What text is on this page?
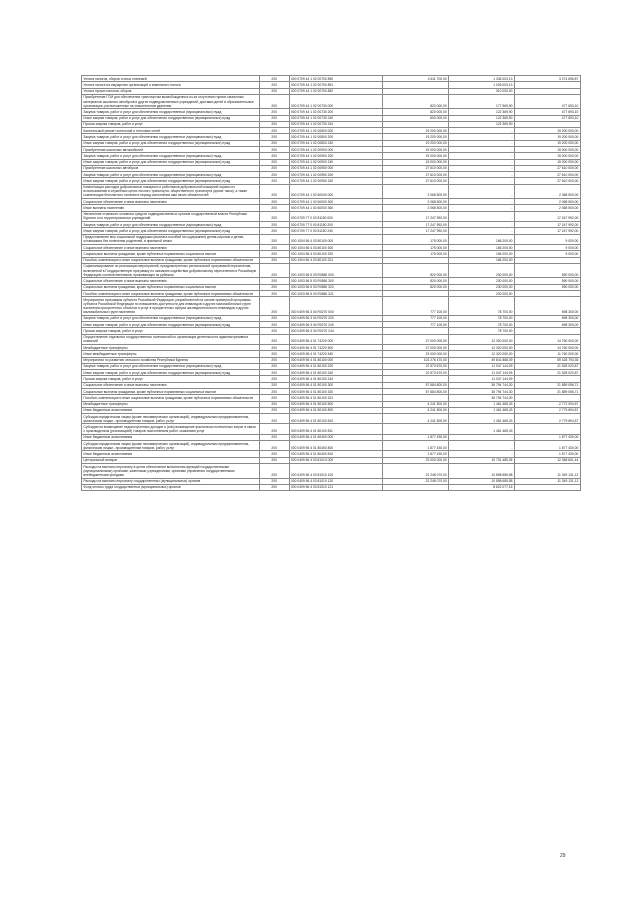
Уплата налогов, сборов и иных платежей	200	000 0709 44 1 02 00700 850	4 611 700,00	1 336 003,13	3 274 696,87
Уплата налога на имущество организаций и земельного налога	200	000 0709 44 1 02 00700 851		1 026 003,13	
Уплата прочих налогов, сборов	200	000 0709 44 1 02 00700 852		310 000,00	
Приобретение ГСМ для обеспечения транспортом высвобожденных из-за отсутствия горюче-смазочных материалов школьных автобусов и других подведомственных учреждений; доставки детей в образовательные организации, расположенные на значительном удалении	200	000 0709 44 1 02 00730 000	820 000,00	177 969,90	477 693,10
Закупка товаров, работ и услуг для обеспечения государственных (муниципальных) нужд	200	000 0709 44 1 02 00730 200	820 000,00	122 369,90	477 693,10
Иные закупки товаров, работ и услуг для обеспечения государственных (муниципальных) нужд	200	000 0709 44 1 02 00730 240	600 000,00	122 369,90	477 693,10
Прочая закупка товаров, работ и услуг	200	000 0709 44 1 02 00730 244		122 369,90	
Капитальный ремонт котельной и тепловых сетей	200	000 0709 44 1 02 00800 000	19 200 000,00	-	19 200 000,00
Закупка товаров, работ и услуг для обеспечения государственных (муниципальных) нужд	200	000 0709 44 1 02 00800 200	19 200 000,00	-	19 200 000,00
Иные закупки товаров, работ и услуг для обеспечения государственных (муниципальных) нужд	200	000 0709 44 1 02 00800 240	19 200 000,00	-	19 200 000,00
Приобретение школьных автомобилей	200	000 0709 44 1 02 00900 000	15 000 000,00	-	15 000 000,00
Закупка товаров, работ и услуг для обеспечения государственных (муниципальных) нужд	200	000 0709 44 1 02 00900 200	15 000 000,00	-	15 000 000,00
Иные закупки товаров, работ и услуг для обеспечения государственных (муниципальных) нужд	200	000 0709 44 1 02 00900 240	15 000 000,00	-	15 000 000,00
Приобретение школьных автобусов	200	000 0709 44 1 02 00950 000	27 610 000,00	-	27 610 000,00
Закупка товаров, работ и услуг для обеспечения государственных (муниципальных) нужд	200	000 0709 44 1 02 00950 200	27 610 000,00	-	27 610 000,00
Иные закупки товаров, работ и услуг для обеспечения государственных (муниципальных) нужд	200	000 0709 44 1 02 00950 240	27 610 000,00	-	27 610 000,00
Компенсация расходов добровольных пожарных и работников добровольной пожарной охраны по использованию в служебных целях личного транспорта, общественного транспорта (кроме такси), а также компенсация бесплатного питания в период исполнения ими своих обязанностей	200	000 0709 44 1 02 60000 000	2 068 500,00	-	2 068 500,00
Социальное обеспечение и иные выплаты населению	200	000 0709 44 1 02 60000 300	2 068 500,00	-	2 068 500,00
Иные выплаты населению	200	000 0709 44 1 02 60000 360	2 068 500,00	-	2 068 500,00
Увеличение стоимости основных средств подведомственных органов государственной власти Республики Бурятия и их территориальных учреждений	200	000 0709 77 0 00 81150 000	17 247 992,00	-	17 247 992,00
Закупка товаров, работ и услуг для обеспечения государственных (муниципальных) нужд	200	000 0709 77 0 00 81150 200	17 247 992,00	-	17 247 992,00
Иные закупки товаров, работ и услуг для обеспечения государственных (муниципальных) нужд	200	000 0709 77 0 00 81150 240	17 247 992,00	-	17 247 992,00
Предоставление мер социальной поддержки (выплата пособий на содержание) детям-сиротам и детям, оставшимся без попечения родителей, в приемной семье	200	000 1004 56 4 03 80100 000	175 000,00	166 200,00	9 000,00
Социальное обеспечение и иные выплаты населению	200	000 1004 56 4 03 80100 300	175 000,00	166 200,00	9 000,00
Социальные выплаты гражданам, кроме публичных нормативных социальных выплат	200	000 1004 56 4 03 80100 320	175 000,00	166 200,00	9 000,00
Пособия, компенсации и иные социальные выплаты гражданам, кроме публичных нормативных обязательств	200	000 1004 56 4 03 80100 321		166 200,00	
Софинансирование по реализации мероприятий, предусмотренных региональной программой переселения, включенной в Государственную программу по оказанию содействия добровольному переселению в Российскую Федерацию соотечественников, проживающих за рубежом	200	000 1003 56 5 03 R0860 000	820 000,00	230 000,00	590 000,00
Социальное обеспечение и иные выплаты населению	200	000 1003 56 5 03 R0860 300	820 000,00	230 000,00	590 000,00
Социальные выплаты гражданам, кроме публичных нормативных социальных выплат	200	000 1003 56 5 03 R0860 320	820 000,00	230 000,00	590 000,00
Пособия, компенсации и иные социальные выплаты гражданам, кроме публичных нормативных обязательств	200	000 1003 56 5 03 R0860 321		230 000,00	
Мероприятия программы субъекта Российской Федерации, разработанной на основе примерной программы субъекта Российской Федерации по повышению доступности для инвалидов и других маломобильных групп населения приоритетных объектов и услуг в приоритетных сферах жизнедеятельности инвалидов и других маломобильных групп населения	200	000 0409 56 3 04 R0270 000	777 100,00	78 700,00	698 300,00
Закупка товаров, работ и услуг для обеспечения государственных (муниципальных) нужд	200	000 0409 56 3 04 R0270 200	777 100,00	78 700,00	698 300,00
Иные закупки товаров, работ и услуг для обеспечения государственных (муниципальных) нужд	200	000 0409 56 3 04 R0270 240	777 100,00	78 700,00	698 300,00
Прочая закупка товаров, работ и услуг	200	000 0409 56 3 04 R0270 244		78 700,00	
Осуществление отдельных государственных полномочий по организации деятельности административных комиссий	200	000 0409 56 4 01 74220 000	27 000 000,00	12 320 000,00	14 760 000,00
Межбюджетные трансферты	200	000 0409 56 4 01 74220 500	27 000 000,00	12 320 000,00	14 760 000,00
Иные межбюджетные трансферты	200	000 0409 56 4 01 74220 540	23 000 000,00	12 320 000,00	11 760 000,00
Мероприятия по развитию сельского хозяйства Республики Бурятия	200	000 0409 56 4 01 80100 000	102 276 470,00	49 841 888,39	69 428 793,35
Закупка товаров, работ и услуг для обеспечения государственных (муниципальных) нужд	200	000 0409 56 4 01 80100 200	22 573 670,00	11 047 144,09	21 528 020,87
Иные закупки товаров, работ и услуг для обеспечения государственных (муниципальных) нужд	200	000 0409 56 4 01 80100 240	22 573 670,00	11 047 144,09	21 528 020,87
Прочая закупка товаров, работ и услуг	200	000 0409 56 4 01 80100 244		11 047 144,09	
Социальное обеспечение и иные выплаты населению	200	000 0409 56 4 01 80100 300	57 684 800,00	36 794 744,30	21 889 056,71
Социальные выплаты гражданам, кроме публичных нормативных социальных выплат	200	000 0409 56 4 01 80100 320	57 684 800,00	36 794 744,30	21 889 056,71
Пособия, компенсации и иные социальные выплаты гражданам, кроме публичных нормативных обязательств	200	000 0409 56 4 01 80100 321		36 794 744,30	
Межбюджетные трансферты	200	000 0409 56 4 01 80100 500	4 241 500,00	1 461 465,43	2 772 094,57
Иные бюджетные ассигнования	200	000 0409 56 4 01 80100 800	4 241 500,00	1 461 465,43	2 779 694,57
Субсидии юридическим лицам (кроме некоммерческих организаций), индивидуальным предпринимателям, физическим лицам - производителям товаров, работ, услуг	200	000 0409 56 4 01 80100 810	4 241 500,00	1 461 465,43	2 779 694,57
Субсидии на возмещение недополученных доходов и (или) возмещение фактически понесенных затрат в связи с производством (реализацией) товаров, выполнением работ, оказанием услуг	200	000 0409 56 4 01 80100 811		1 461 465,43	
Иные бюджетные ассигнования	200	000 0409 56 4 01 80400 000	1 877 430,00	-	1 877 430,00
Субсидии юридическим лицам (кроме некоммерческих организаций), индивидуальным предпринимателям, физическим лицам - производителям товаров, работ, услуг	200	000 0409 56 4 01 80400 800	1 877 430,00	-	1 877 430,00
Иные бюджетные ассигнования	200	000 0409 56 4 01 80400 810	1 877 430,00	-	1 877 430,00
Центральный аппарат	200	000 0409 56 4 03 81010 000	23 000 000,00	10 701 485,06	12 368 801,44
Расходы на выплаты персоналу в целях обеспечения выполнения функций государственными (муниципальными) органами, казенными учреждениями, органами управления государственными внебюджетными фондами	200	000 0409 56 4 03 81010 100	22 248 070,00	10 898 685,58	11 349 131,12
Расходы на выплаты персоналу государственных (муниципальных) органов	200	000 0409 56 4 03 81010 120	22 248 070,00	10 898 685,58	11 349 131,12
Фонд оплаты труда государственных (муниципальных) органов	200	000 0409 56 4 03 81010 121		8 622 077,15	
29
